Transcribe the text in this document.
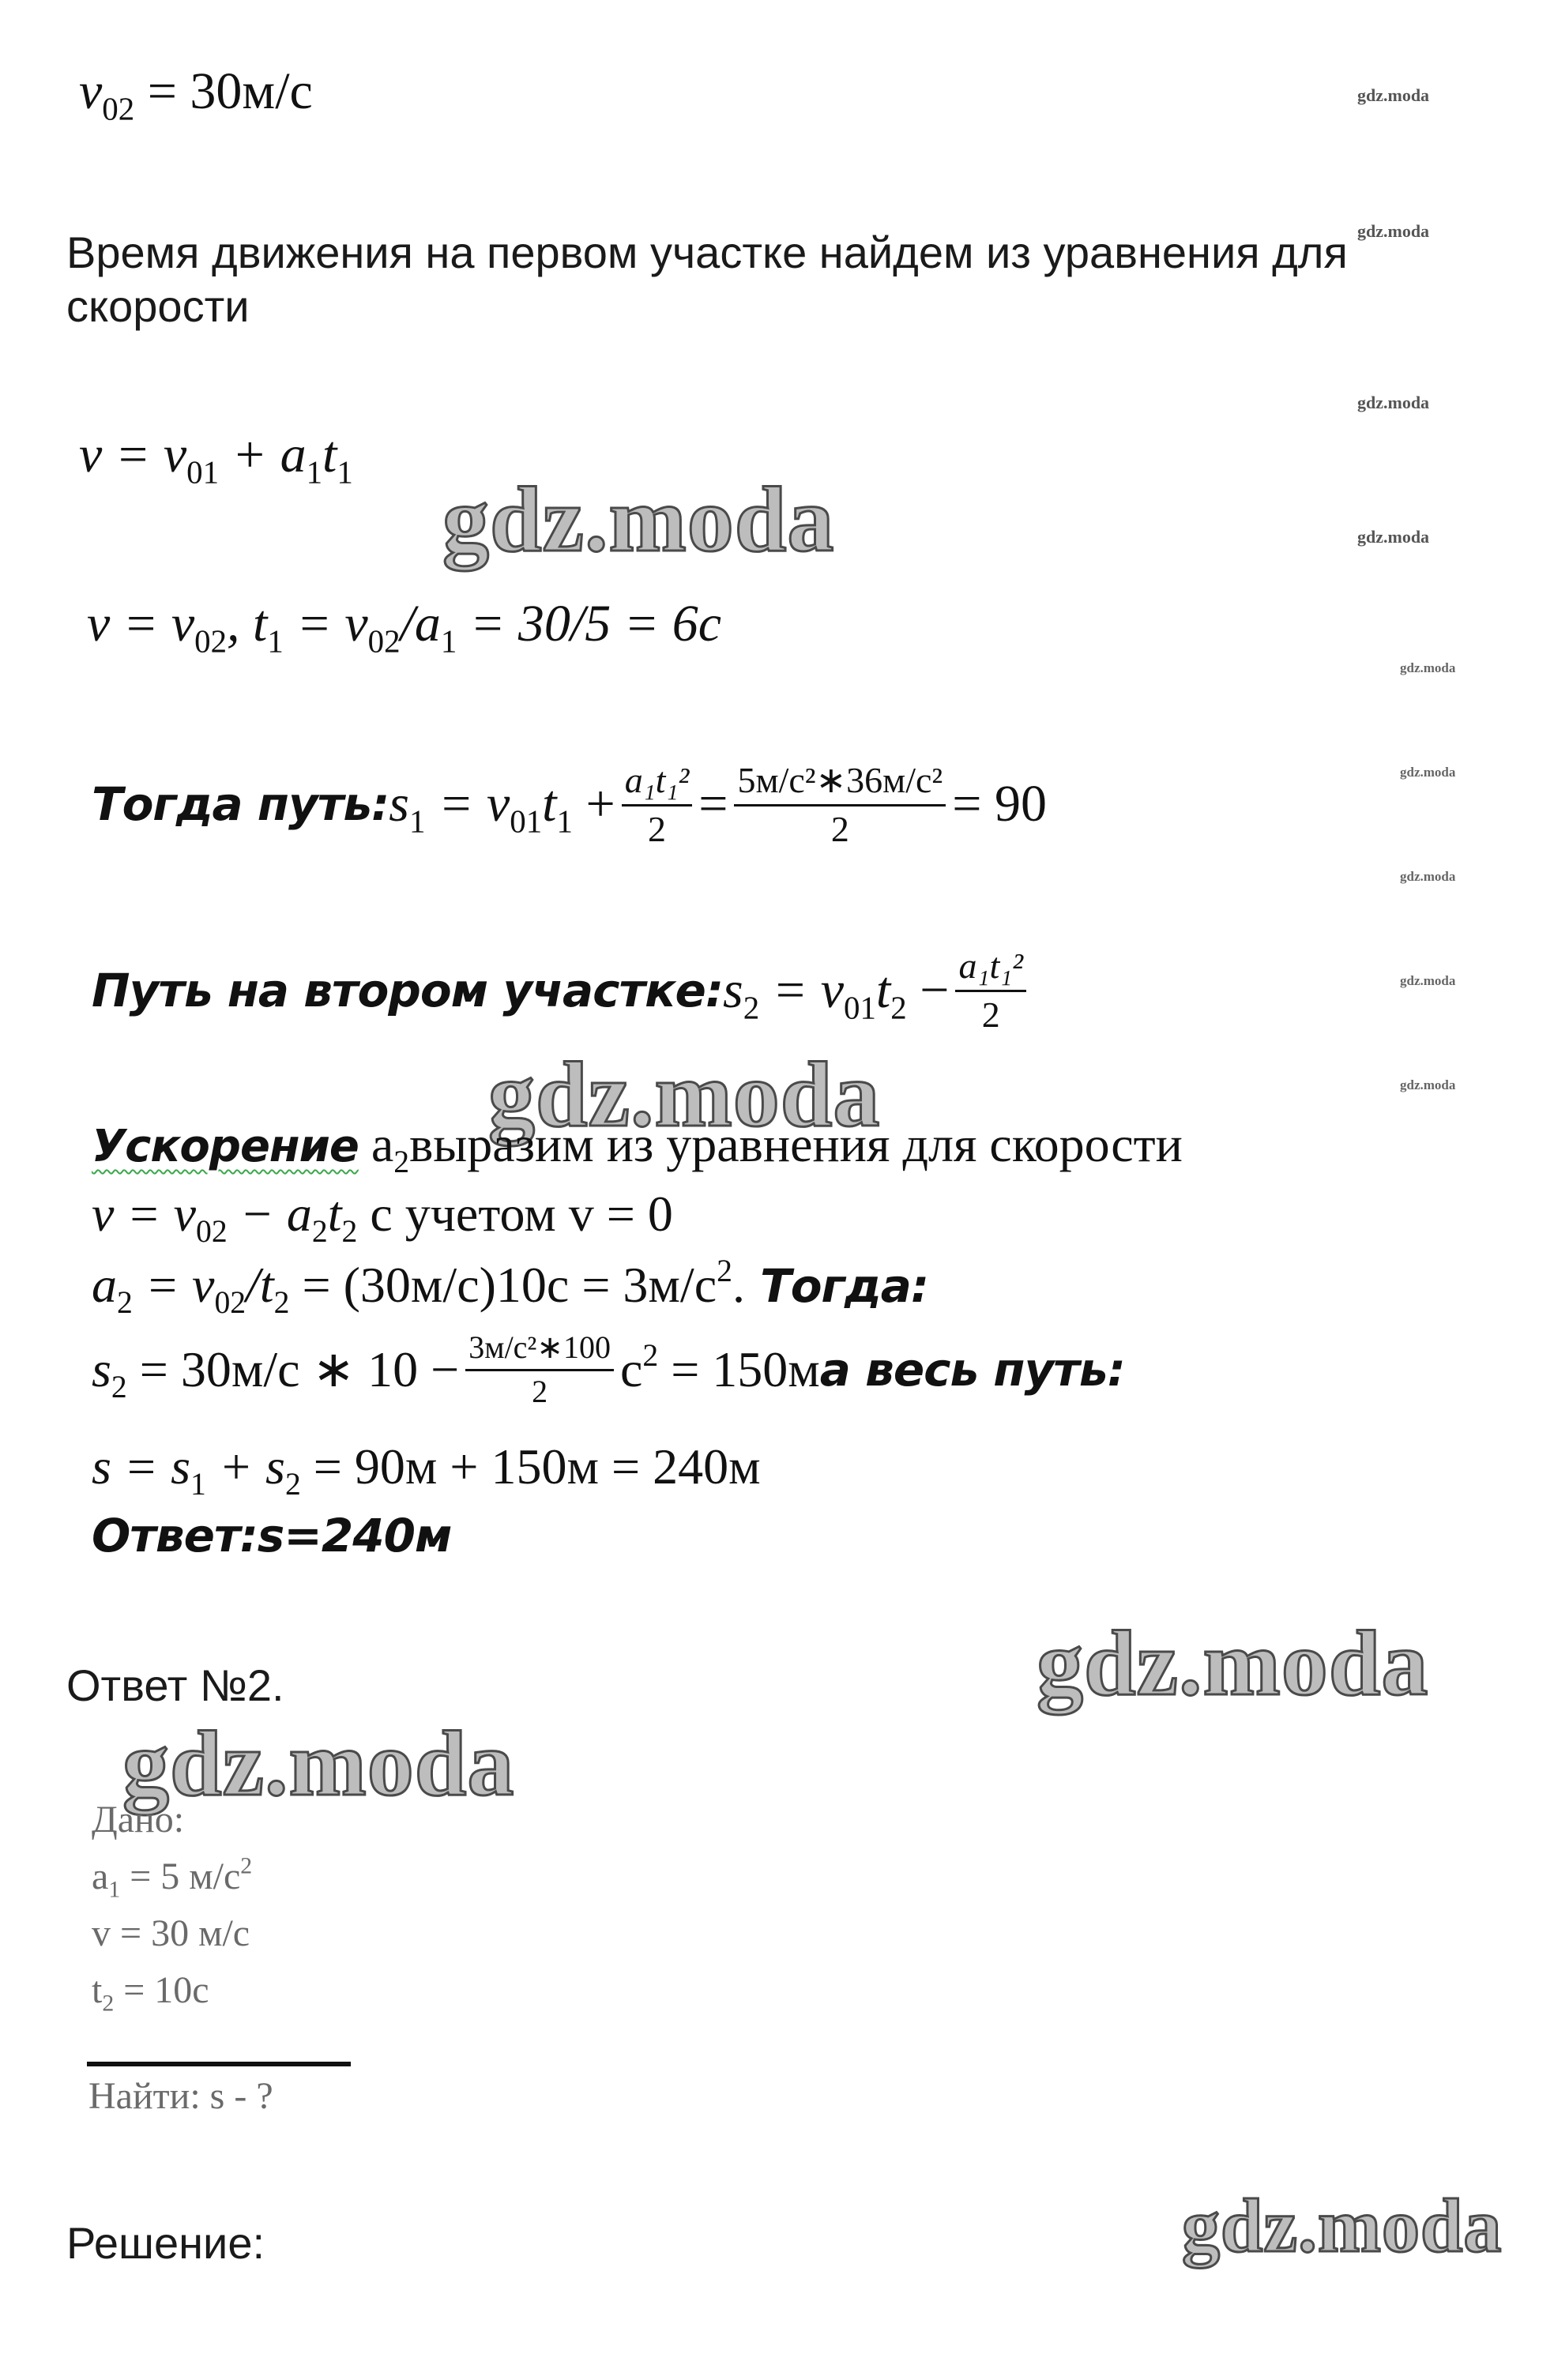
gdz.moda
gdz.moda
gdz.moda
gdz.moda
gdz.moda
gdz.moda
gdz.moda
gdz.moda
gdz.moda
gdz.moda
gdz.moda
gdz.moda
gdz.moda
gdz.moda
$v_{02} = 30м/с$
Время движения на первом участке найдем из уравнения для
скорости
$v = v_{01} + a_1t_1$
$v = v_{02}$, $t_1 = v_{02}/a_1 = 30/5 = 6c$
Тогда путь: $s_1 = v_{01}t_1 + \frac{\text{a₁t₁²}}{2} = \frac{\text{5м/с²∗36м/с²}}{2} = 90$
Путь на втором участке: $s_2 = v_{01}t_2 - \frac{\text{a₁t₁²}}{2}$
Ускорение $a_2выразим$ из уравнения для скорости
$v = v_{02} - a_2t_2$ с учетом v = 0
$a_2 = v_{02}/t_2 = (30м/с)10c = 3м/с^2$. Тогда:
$s_2 = 30м/с$ ∗ $10 - \frac{\text{3м/с²∗100}}{2} c^2 = 150м$ а весь путь:
$s = s_1 + s_2 = 90м + 150м = 240м$
Ответ:s=240м
Ответ №2.
Дано:
$a_1 = 5$ $м/с^2$
v = 30 м/с
$t_2 = 10с$
Найти: s - ?
Решение:
